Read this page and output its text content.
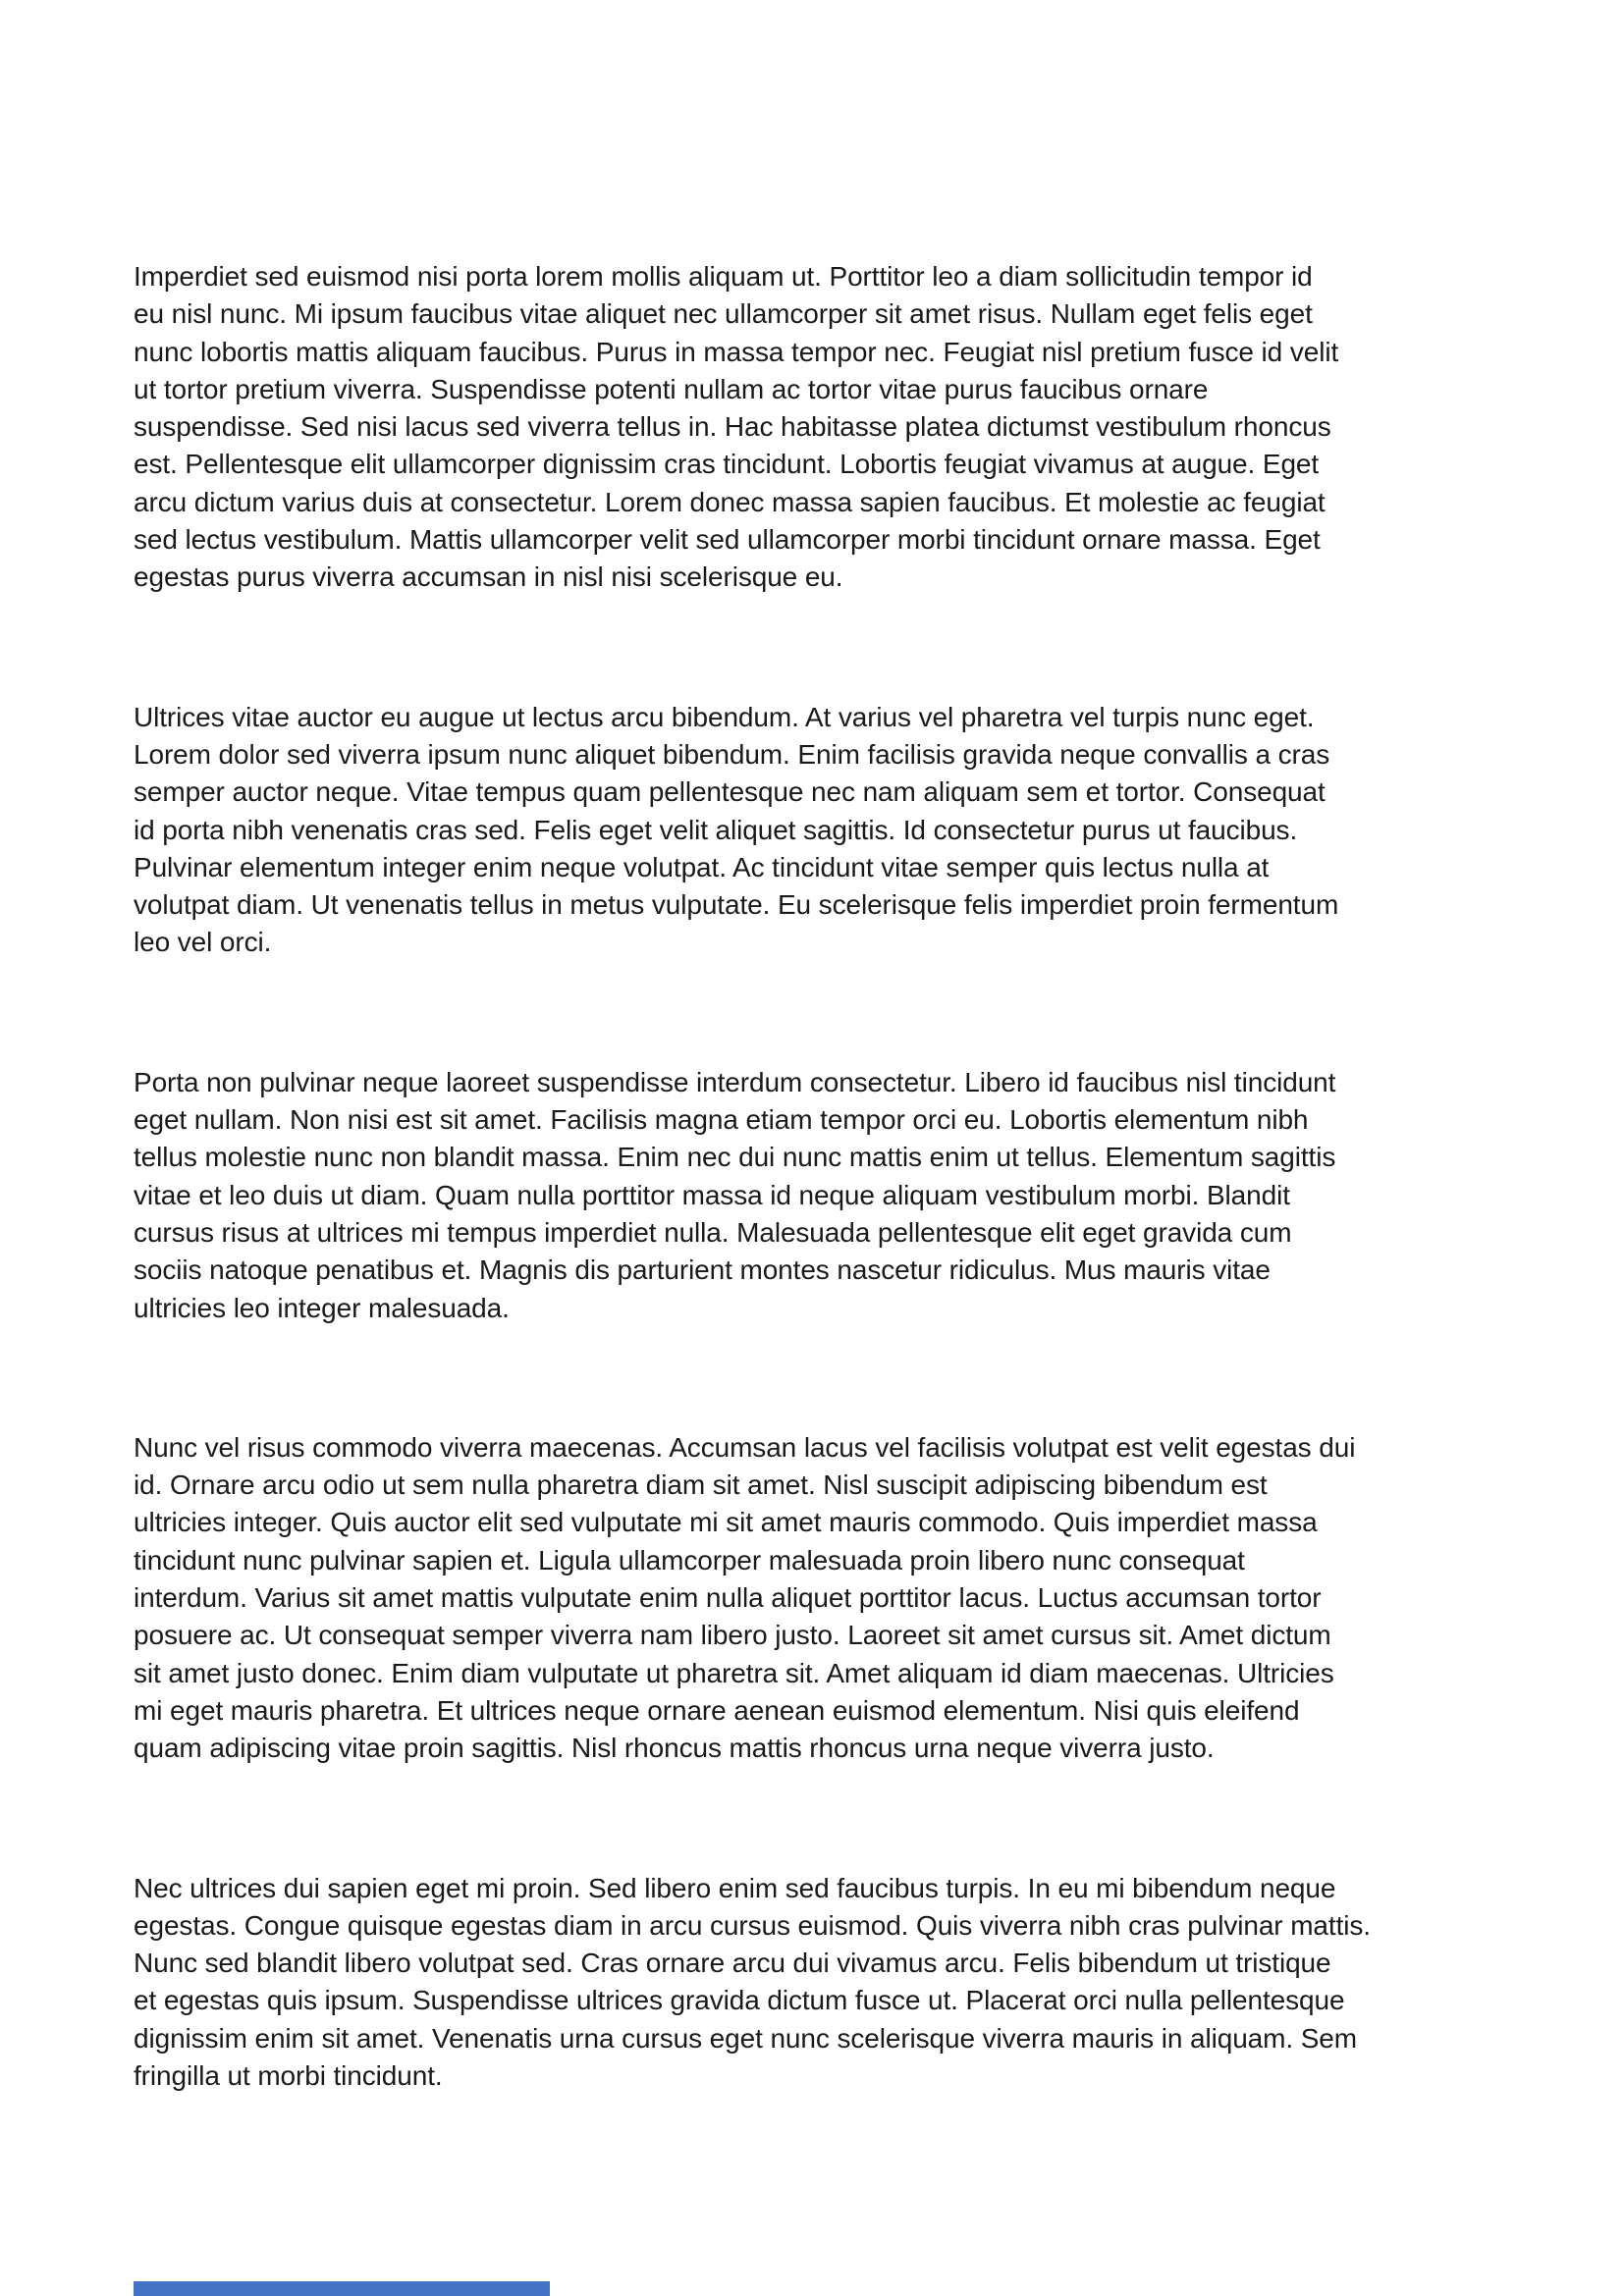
Imperdiet sed euismod nisi porta lorem mollis aliquam ut. Porttitor leo a diam sollicitudin tempor id
eu nisl nunc. Mi ipsum faucibus vitae aliquet nec ullamcorper sit amet risus. Nullam eget felis eget
nunc lobortis mattis aliquam faucibus. Purus in massa tempor nec. Feugiat nisl pretium fusce id velit
ut tortor pretium viverra. Suspendisse potenti nullam ac tortor vitae purus faucibus ornare
suspendisse. Sed nisi lacus sed viverra tellus in. Hac habitasse platea dictumst vestibulum rhoncus
est. Pellentesque elit ullamcorper dignissim cras tincidunt. Lobortis feugiat vivamus at augue. Eget
arcu dictum varius duis at consectetur. Lorem donec massa sapien faucibus. Et molestie ac feugiat
sed lectus vestibulum. Mattis ullamcorper velit sed ullamcorper morbi tincidunt ornare massa. Eget
egestas purus viverra accumsan in nisl nisi scelerisque eu.
Ultrices vitae auctor eu augue ut lectus arcu bibendum. At varius vel pharetra vel turpis nunc eget.
Lorem dolor sed viverra ipsum nunc aliquet bibendum. Enim facilisis gravida neque convallis a cras
semper auctor neque. Vitae tempus quam pellentesque nec nam aliquam sem et tortor. Consequat
id porta nibh venenatis cras sed. Felis eget velit aliquet sagittis. Id consectetur purus ut faucibus.
Pulvinar elementum integer enim neque volutpat. Ac tincidunt vitae semper quis lectus nulla at
volutpat diam. Ut venenatis tellus in metus vulputate. Eu scelerisque felis imperdiet proin fermentum
leo vel orci.
Porta non pulvinar neque laoreet suspendisse interdum consectetur. Libero id faucibus nisl tincidunt
eget nullam. Non nisi est sit amet. Facilisis magna etiam tempor orci eu. Lobortis elementum nibh
tellus molestie nunc non blandit massa. Enim nec dui nunc mattis enim ut tellus. Elementum sagittis
vitae et leo duis ut diam. Quam nulla porttitor massa id neque aliquam vestibulum morbi. Blandit
cursus risus at ultrices mi tempus imperdiet nulla. Malesuada pellentesque elit eget gravida cum
sociis natoque penatibus et. Magnis dis parturient montes nascetur ridiculus. Mus mauris vitae
ultricies leo integer malesuada.
Nunc vel risus commodo viverra maecenas. Accumsan lacus vel facilisis volutpat est velit egestas dui
id. Ornare arcu odio ut sem nulla pharetra diam sit amet. Nisl suscipit adipiscing bibendum est
ultricies integer. Quis auctor elit sed vulputate mi sit amet mauris commodo. Quis imperdiet massa
tincidunt nunc pulvinar sapien et. Ligula ullamcorper malesuada proin libero nunc consequat
interdum. Varius sit amet mattis vulputate enim nulla aliquet porttitor lacus. Luctus accumsan tortor
posuere ac. Ut consequat semper viverra nam libero justo. Laoreet sit amet cursus sit. Amet dictum
sit amet justo donec. Enim diam vulputate ut pharetra sit. Amet aliquam id diam maecenas. Ultricies
mi eget mauris pharetra. Et ultrices neque ornare aenean euismod elementum. Nisi quis eleifend
quam adipiscing vitae proin sagittis. Nisl rhoncus mattis rhoncus urna neque viverra justo.
Nec ultrices dui sapien eget mi proin. Sed libero enim sed faucibus turpis. In eu mi bibendum neque
egestas. Congue quisque egestas diam in arcu cursus euismod. Quis viverra nibh cras pulvinar mattis.
Nunc sed blandit libero volutpat sed. Cras ornare arcu dui vivamus arcu. Felis bibendum ut tristique
et egestas quis ipsum. Suspendisse ultrices gravida dictum fusce ut. Placerat orci nulla pellentesque
dignissim enim sit amet. Venenatis urna cursus eget nunc scelerisque viverra mauris in aliquam. Sem
fringilla ut morbi tincidunt.
